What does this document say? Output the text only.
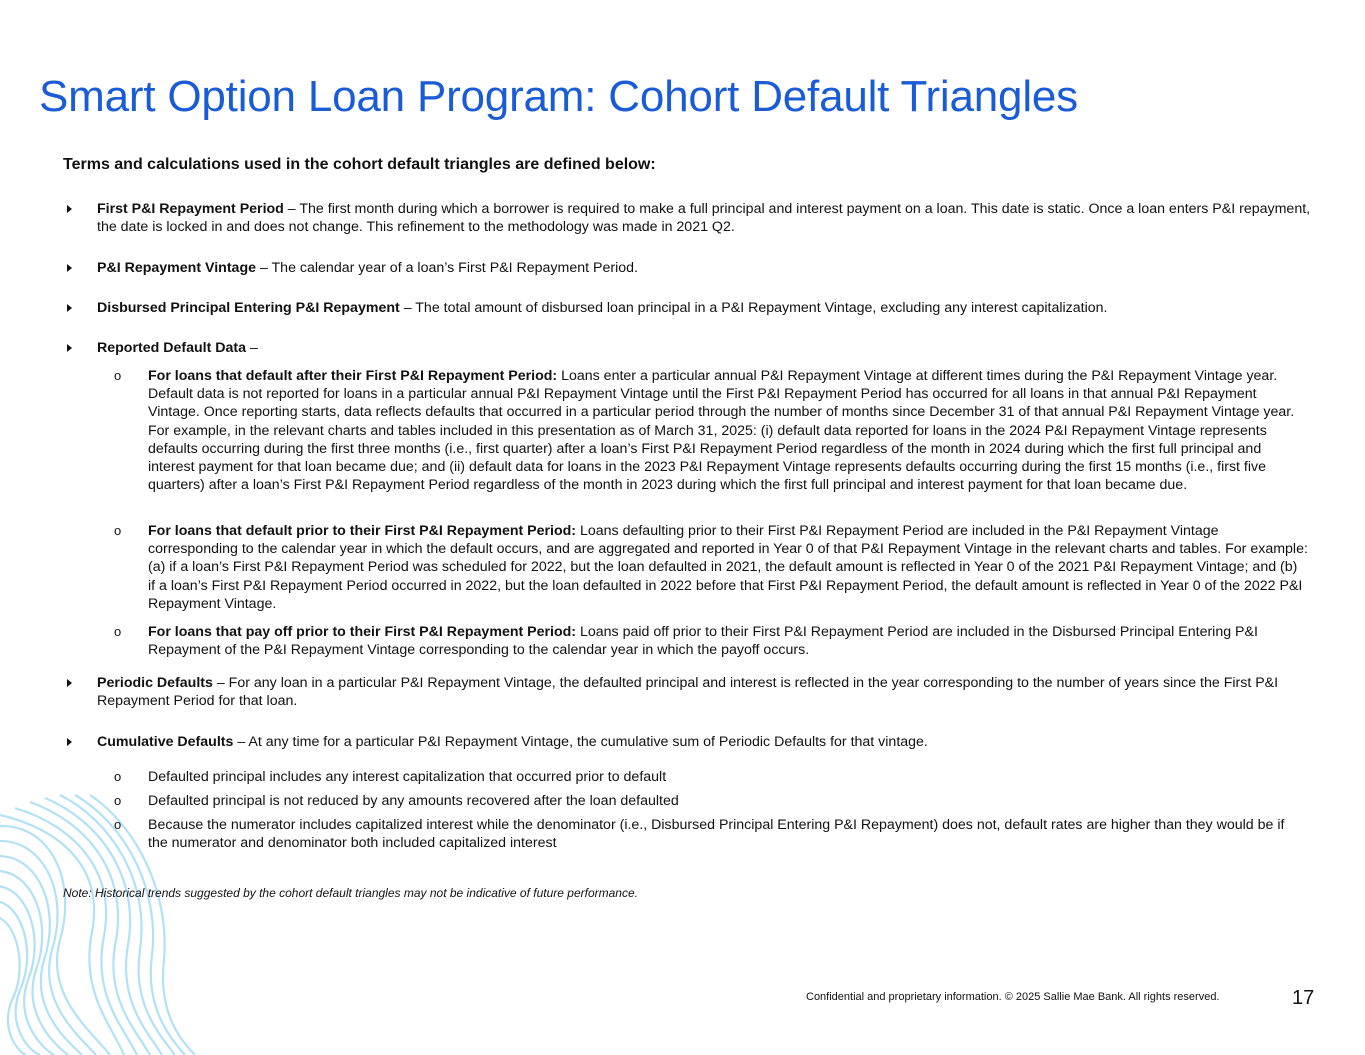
Smart Option Loan Program: Cohort Default Triangles
Terms and calculations used in the cohort default triangles are defined below:
First P&I Repayment Period – The first month during which a borrower is required to make a full principal and interest payment on a loan. This date is static. Once a loan enters P&I repayment, the date is locked in and does not change. This refinement to the methodology was made in 2021 Q2.
P&I Repayment Vintage – The calendar year of a loan’s First P&I Repayment Period.
Disbursed Principal Entering P&I Repayment – The total amount of disbursed loan principal in a P&I Repayment Vintage, excluding any interest capitalization.
Reported Default Data –
o For loans that default after their First P&I Repayment Period: Loans enter a particular annual P&I Repayment Vintage at different times during the P&I Repayment Vintage year. Default data is not reported for loans in a particular annual P&I Repayment Vintage until the First P&I Repayment Period has occurred for all loans in that annual P&I Repayment Vintage. Once reporting starts, data reflects defaults that occurred in a particular period through the number of months since December 31 of that annual P&I Repayment Vintage year. For example, in the relevant charts and tables included in this presentation as of March 31, 2025: (i) default data reported for loans in the 2024 P&I Repayment Vintage represents defaults occurring during the first three months (i.e., first quarter) after a loan’s First P&I Repayment Period regardless of the month in 2024 during which the first full principal and interest payment for that loan became due; and (ii) default data for loans in the 2023 P&I Repayment Vintage represents defaults occurring during the first 15 months (i.e., first five quarters) after a loan’s First P&I Repayment Period regardless of the month in 2023 during which the first full principal and interest payment for that loan became due.
o For loans that default prior to their First P&I Repayment Period: Loans defaulting prior to their First P&I Repayment Period are included in the P&I Repayment Vintage corresponding to the calendar year in which the default occurs, and are aggregated and reported in Year 0 of that P&I Repayment Vintage in the relevant charts and tables. For example: (a) if a loan’s First P&I Repayment Period was scheduled for 2022, but the loan defaulted in 2021, the default amount is reflected in Year 0 of the 2021 P&I Repayment Vintage; and (b) if a loan’s First P&I Repayment Period occurred in 2022, but the loan defaulted in 2022 before that First P&I Repayment Period, the default amount is reflected in Year 0 of the 2022 P&I Repayment Vintage.
o For loans that pay off prior to their First P&I Repayment Period: Loans paid off prior to their First P&I Repayment Period are included in the Disbursed Principal Entering P&I Repayment of the P&I Repayment Vintage corresponding to the calendar year in which the payoff occurs.
Periodic Defaults – For any loan in a particular P&I Repayment Vintage, the defaulted principal and interest is reflected in the year corresponding to the number of years since the First P&I Repayment Period for that loan.
Cumulative Defaults – At any time for a particular P&I Repayment Vintage, the cumulative sum of Periodic Defaults for that vintage.
o Defaulted principal includes any interest capitalization that occurred prior to default
o Defaulted principal is not reduced by any amounts recovered after the loan defaulted
o Because the numerator includes capitalized interest while the denominator (i.e., Disbursed Principal Entering P&I Repayment) does not, default rates are higher than they would be if the numerator and denominator both included capitalized interest
Note: Historical trends suggested by the cohort default triangles may not be indicative of future performance.
Confidential and proprietary information. © 2025 Sallie Mae Bank. All rights reserved.	17
